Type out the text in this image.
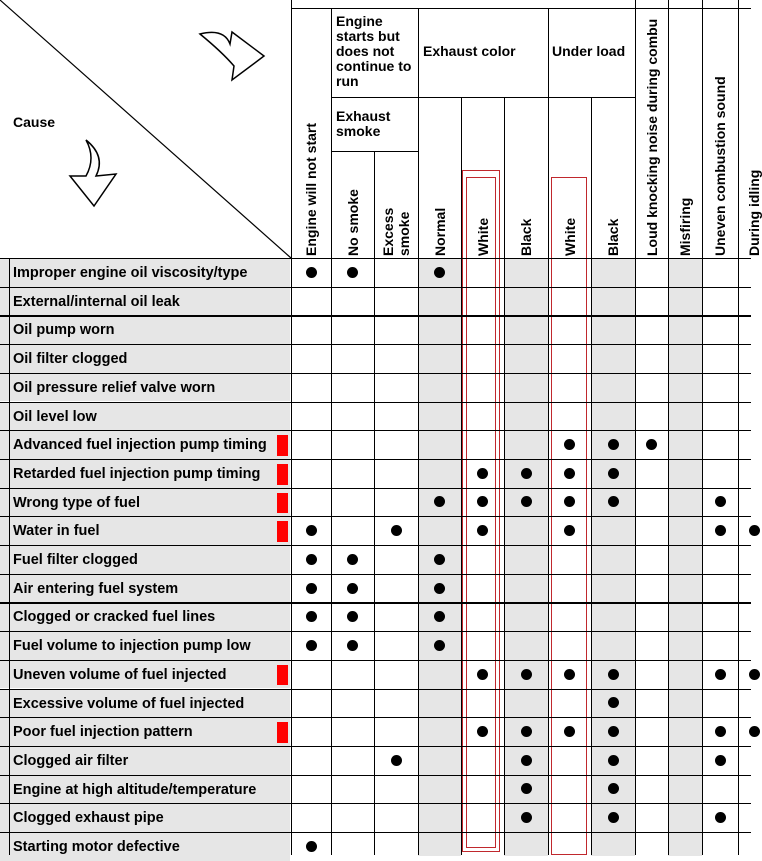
Cause
Engine starts but does not continue to run
Exhaust smoke
Exhaust color	Under load
Engine will not start No smoke Excess smoke Normal White Black White Black Loud knocking noise during combu Misfiring Uneven combustion sound During idling
Improper engine oil viscosity/type
External/internal oil leak
Oil pump worn
Oil filter clogged
Oil pressure relief valve worn
Oil level low
Advanced fuel injection pump timing
Retarded fuel injection pump timing
Wrong type of fuel
Water in fuel
Fuel filter clogged
Air entering fuel system
Clogged or cracked fuel lines
Fuel volume to injection pump low
Uneven volume of fuel injected
Excessive volume of fuel injected
Poor fuel injection pattern
Clogged air filter
Engine at high altitude/temperature
Clogged exhaust pipe
Starting motor defective
